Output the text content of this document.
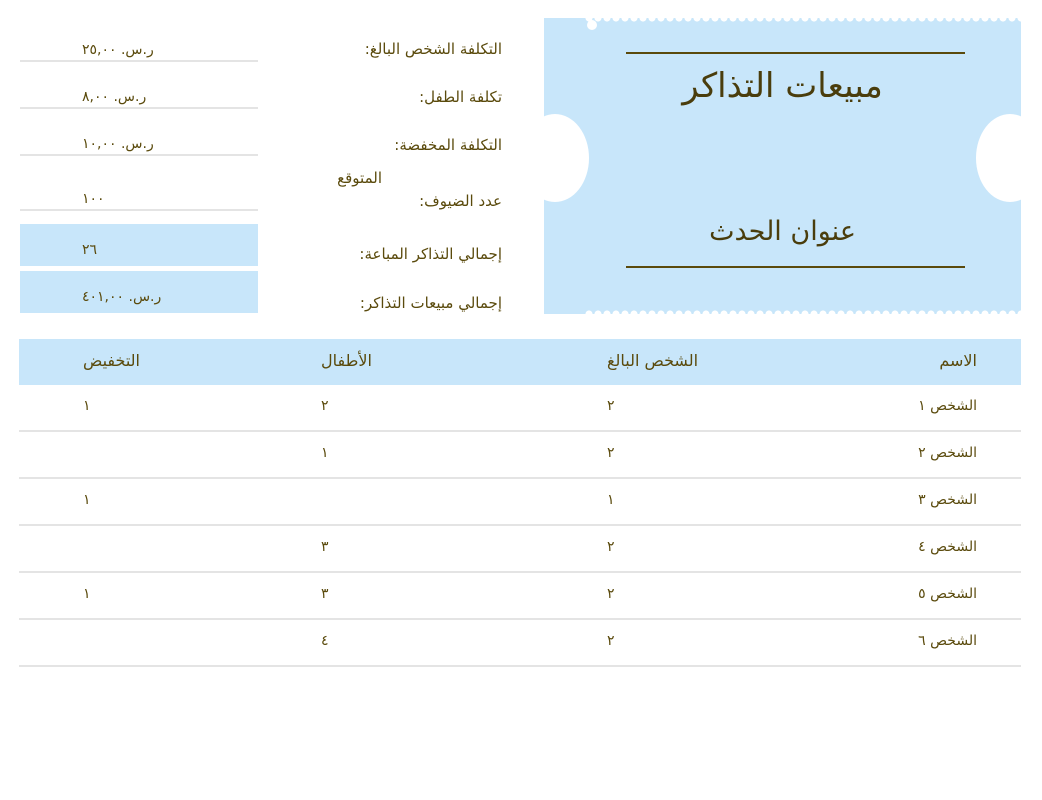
مبيعات التذاكر
عنوان الحدث
التكلفة الشخص البالغ:
تكلفة الطفل:
التكلفة المخفضة:
المتوقع
عدد الضيوف:
إجمالي التذاكر المباعة:
إجمالي مبيعات التذاكر:
ر.س. ٢٥,٠٠
ر.س. ٨,٠٠
ر.س. ١٠,٠٠
١٠٠
٢٦
ر.س. ٤٠١,٠٠
الاسم
الشخص البالغ
الأطفال
التخفيض
الشخص ١
٢
٢
١
الشخص ٢
٢
١
الشخص ٣
١
١
الشخص ٤
٢
٣
الشخص ٥
٢
٣
١
الشخص ٦
٢
٤
